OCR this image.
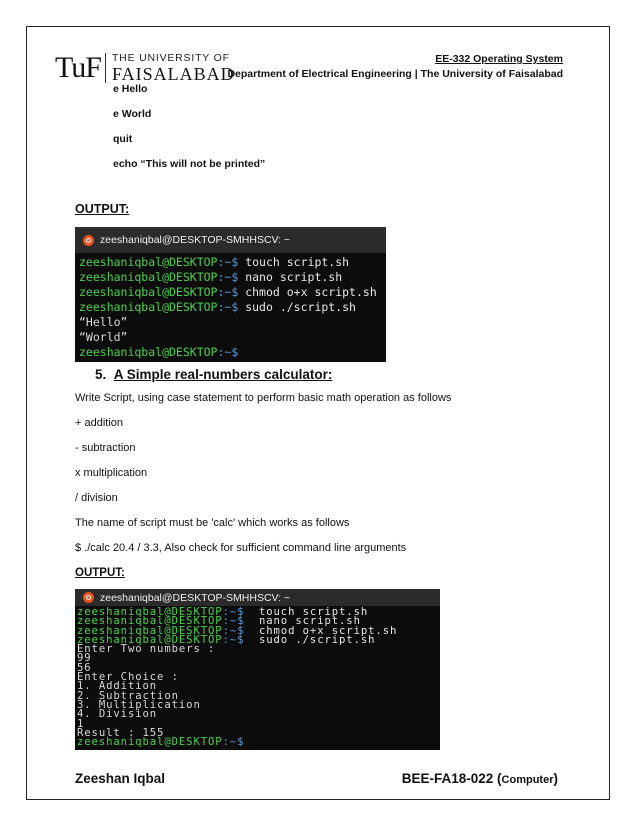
TuF THE UNIVERSITY OF
FAISALABAD
EE-332 Operating System
Department of Electrical Engineering | The University of Faisalabad
e Hello
e World
quit
echo “This will not be printed”
OUTPUT:
zeeshaniqbal@DESKTOP-SMHHSCV: ~
zeeshaniqbal@DESKTOP:~$ touch script.sh
zeeshaniqbal@DESKTOP:~$ nano script.sh
zeeshaniqbal@DESKTOP:~$ chmod o+x script.sh
zeeshaniqbal@DESKTOP:~$ sudo ./script.sh
“Hello”
“World”
zeeshaniqbal@DESKTOP:~$
5. A Simple real-numbers calculator:
Write Script, using case statement to perform basic math operation as follows
+ addition
- subtraction
x multiplication
/ division
The name of script must be 'calc' which works as follows
$ ./calc 20.4 / 3.3, Also check for sufficient command line arguments
OUTPUT:
zeeshaniqbal@DESKTOP-SMHHSCV: ~
zeeshaniqbal@DESKTOP:~$ touch script.sh
zeeshaniqbal@DESKTOP:~$ nano script.sh
zeeshaniqbal@DESKTOP:~$ chmod o+x script.sh
zeeshaniqbal@DESKTOP:~$ sudo ./script.sh
Enter Two numbers :
99
56
Enter Choice :
1. Addition
2. Subtraction
3. Multiplication
4. Division
1
Result : 155
zeeshaniqbal@DESKTOP:~$
Zeeshan Iqbal	BEE-FA18-022 (Computer)
